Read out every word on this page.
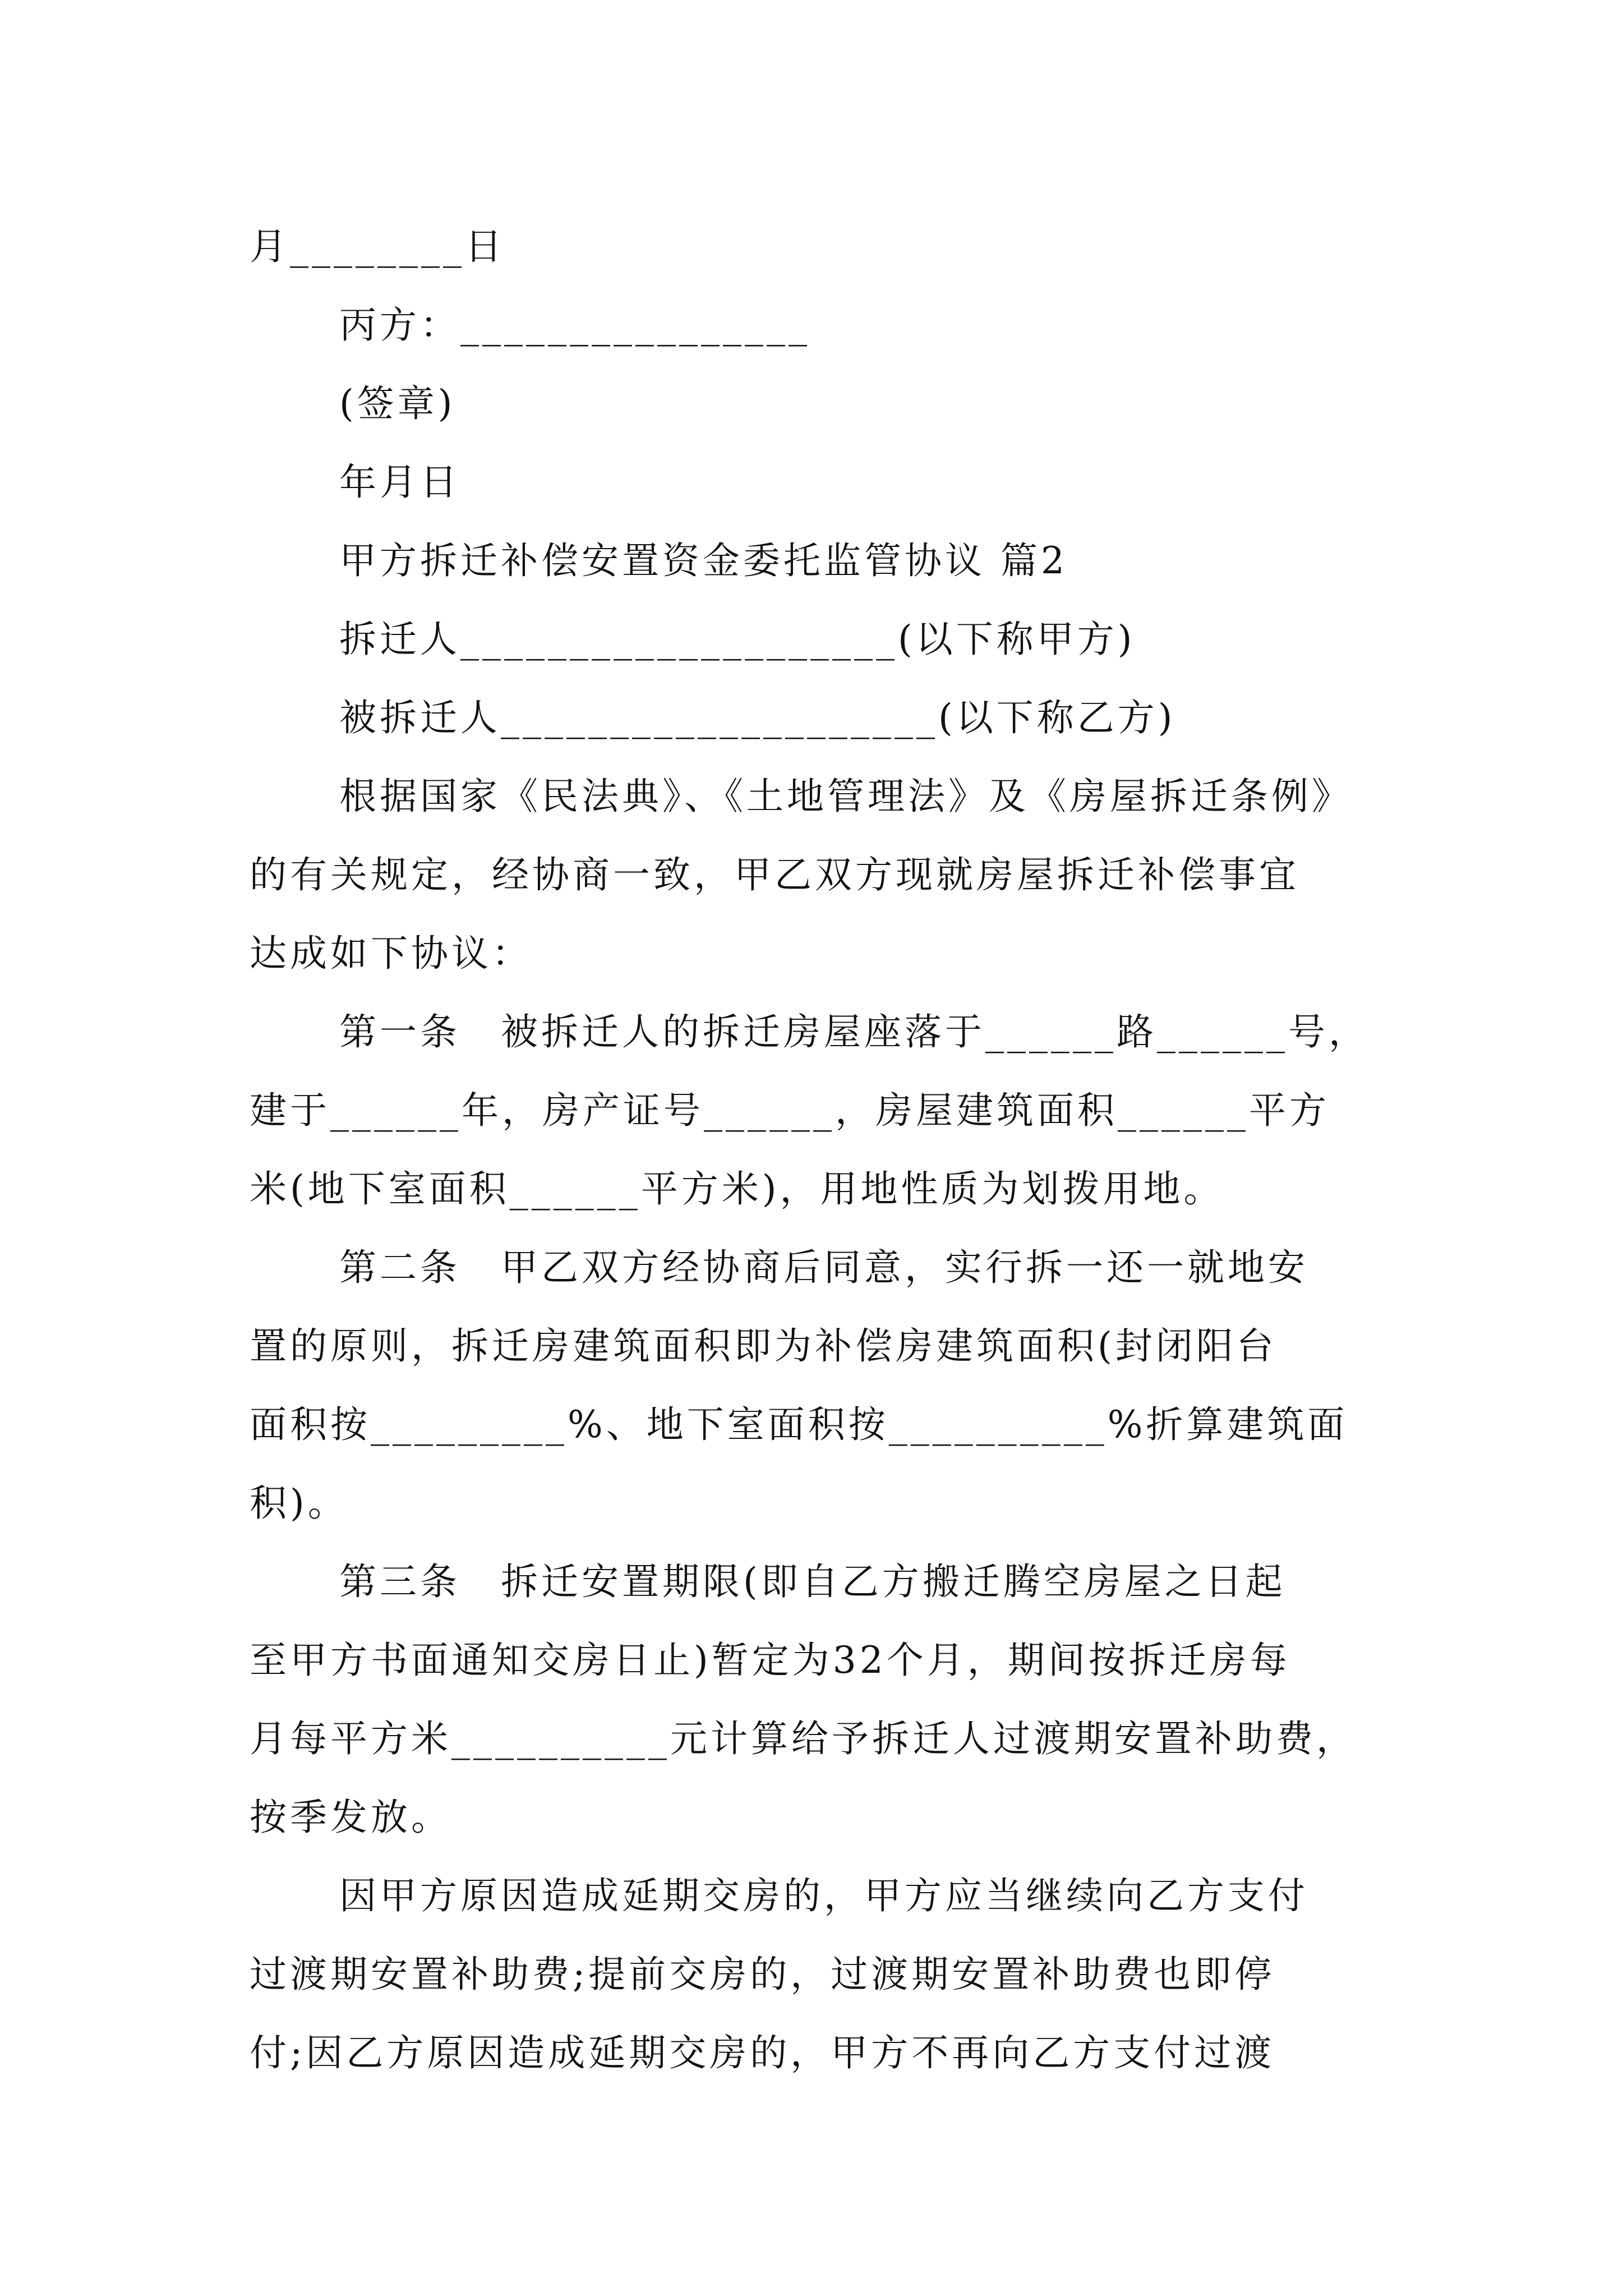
月________日
丙方：________________
(签章)
年月日
甲方拆迁补偿安置资金委托监管协议 篇2
拆迁人____________________(以下称甲方)
被拆迁人____________________(以下称乙方)
根据国家《民法典》、《土地管理法》及《房屋拆迁条例》
的有关规定，经协商一致，甲乙双方现就房屋拆迁补偿事宜
达成如下协议：
第一条　被拆迁人的拆迁房屋座落于______路______号，
建于______年，房产证号______，房屋建筑面积______平方
米(地下室面积______平方米)，用地性质为划拨用地。
第二条　甲乙双方经协商后同意，实行拆一还一就地安
置的原则，拆迁房建筑面积即为补偿房建筑面积(封闭阳台
面积按_________%、地下室面积按__________%折算建筑面
积)。
第三条　拆迁安置期限(即自乙方搬迁腾空房屋之日起
至甲方书面通知交房日止)暂定为32个月，期间按拆迁房每
月每平方米__________元计算给予拆迁人过渡期安置补助费，
按季发放。
因甲方原因造成延期交房的，甲方应当继续向乙方支付
过渡期安置补助费;提前交房的，过渡期安置补助费也即停
付;因乙方原因造成延期交房的，甲方不再向乙方支付过渡
